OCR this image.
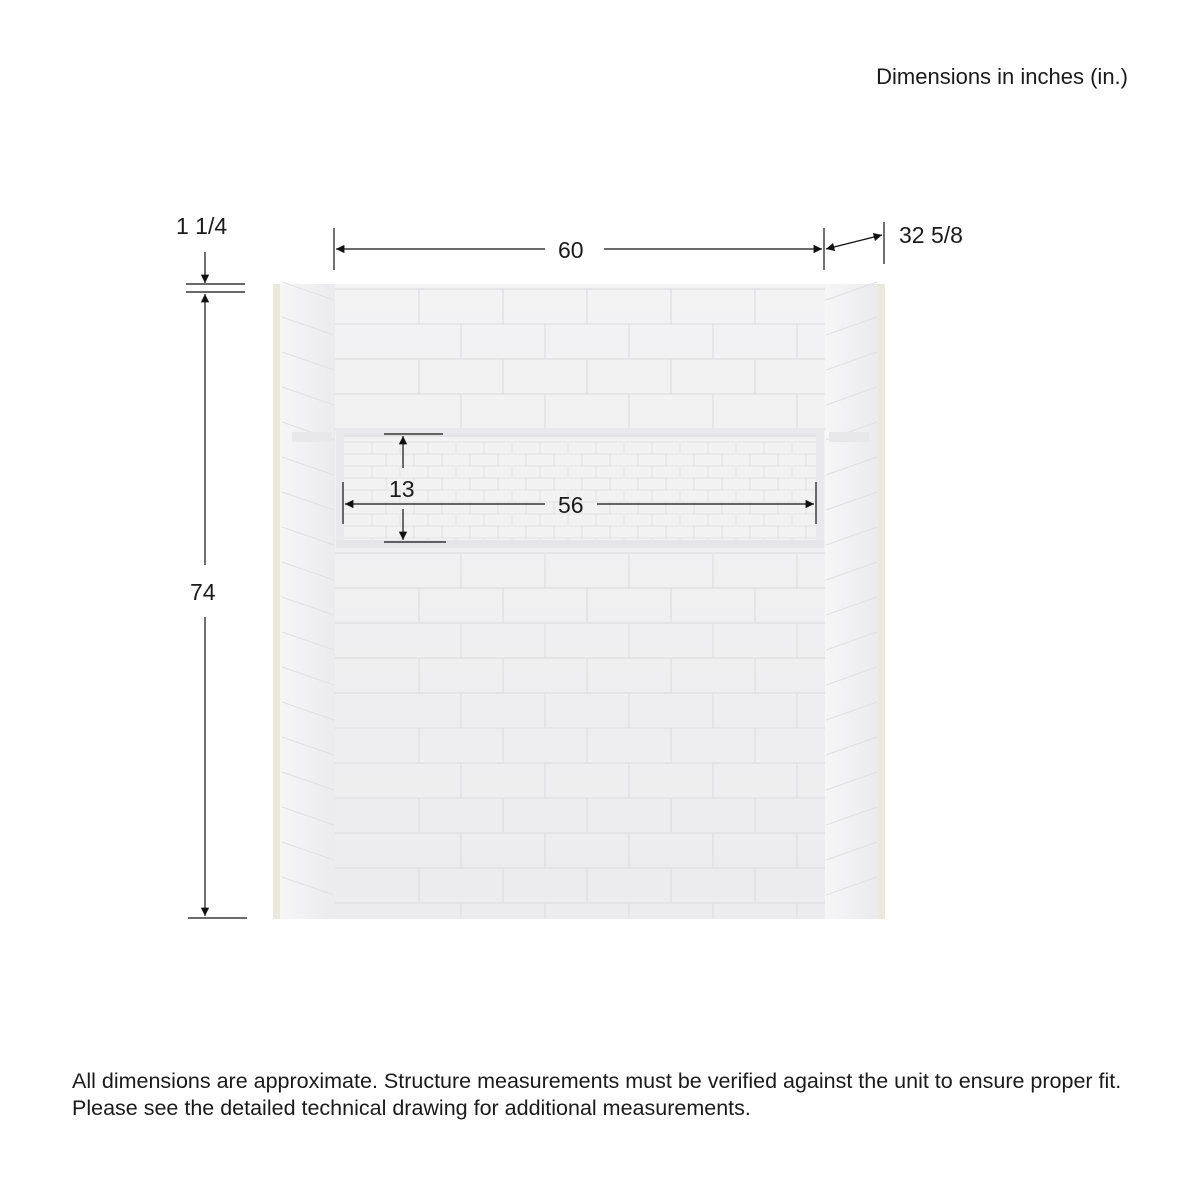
Dimensions in inches (in.)
1 1/4
60
32 5/8
74
13
56
All dimensions are approximate. Structure measurements must be verified against the unit to ensure proper fit. Please see the detailed technical drawing for additional measurements.
